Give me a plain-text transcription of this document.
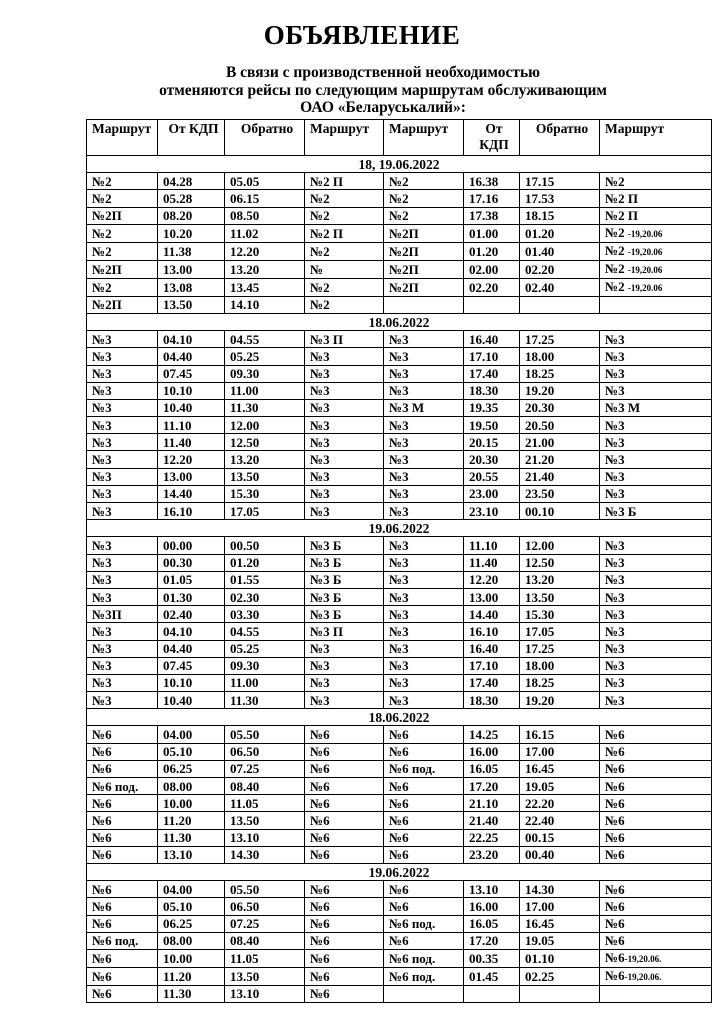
ОБЪЯВЛЕНИЕ
В связи с производственной необходимостью
отменяются рейсы по следующим маршрутам обслуживающим
ОАО «Беларуськалий»:
Маршрут	От КДП	Обратно	Маршрут	Маршрут	От КДП	Обратно	Маршрут
18, 19.06.2022							
№2	04.28	05.05	№2 П	№2	16.38	17.15	№2
№2	05.28	06.15	№2	№2	17.16	17.53	№2 П
№2П	08.20	08.50	№2	№2	17.38	18.15	№2 П
№2	10.20	11.02	№2 П	№2П	01.00	01.20	№2 -19,20.06
№2	11.38	12.20	№2	№2П	01.20	01.40	№2 -19,20.06
№2П	13.00	13.20	№	№2П	02.00	02.20	№2 -19,20.06
№2	13.08	13.45	№2	№2П	02.20	02.40	№2 -19,20.06
№2П	13.50	14.10	№2				
18.06.2022							
№3	04.10	04.55	№3 П	№3	16.40	17.25	№3
№3	04.40	05.25	№3	№3	17.10	18.00	№3
№3	07.45	09.30	№3	№3	17.40	18.25	№3
№3	10.10	11.00	№3	№3	18.30	19.20	№3
№3	10.40	11.30	№3	№3 М	19.35	20.30	№3 М
№3	11.10	12.00	№3	№3	19.50	20.50	№3
№3	11.40	12.50	№3	№3	20.15	21.00	№3
№3	12.20	13.20	№3	№3	20.30	21.20	№3
№3	13.00	13.50	№3	№3	20.55	21.40	№3
№3	14.40	15.30	№3	№3	23.00	23.50	№3
№3	16.10	17.05	№3	№3	23.10	00.10	№3 Б
19.06.2022							
№3	00.00	00.50	№3 Б	№3	11.10	12.00	№3
№3	00.30	01.20	№3 Б	№3	11.40	12.50	№3
№3	01.05	01.55	№3 Б	№3	12.20	13.20	№3
№3	01.30	02.30	№3 Б	№3	13.00	13.50	№3
№3П	02.40	03.30	№3 Б	№3	14.40	15.30	№3
№3	04.10	04.55	№3 П	№3	16.10	17.05	№3
№3	04.40	05.25	№3	№3	16.40	17.25	№3
№3	07.45	09.30	№3	№3	17.10	18.00	№3
№3	10.10	11.00	№3	№3	17.40	18.25	№3
№3	10.40	11.30	№3	№3	18.30	19.20	№3
18.06.2022							
№6	04.00	05.50	№6	№6	14.25	16.15	№6
№6	05.10	06.50	№6	№6	16.00	17.00	№6
№6	06.25	07.25	№6	№6 под.	16.05	16.45	№6
№6 под.	08.00	08.40	№6	№6	17.20	19.05	№6
№6	10.00	11.05	№6	№6	21.10	22.20	№6
№6	11.20	13.50	№6	№6	21.40	22.40	№6
№6	11.30	13.10	№6	№6	22.25	00.15	№6
№6	13.10	14.30	№6	№6	23.20	00.40	№6
19.06.2022							
№6	04.00	05.50	№6	№6	13.10	14.30	№6
№6	05.10	06.50	№6	№6	16.00	17.00	№6
№6	06.25	07.25	№6	№6 под.	16.05	16.45	№6
№6 под.	08.00	08.40	№6	№6	17.20	19.05	№6
№6	10.00	11.05	№6	№6 под.	00.35	01.10	№6-19,20.06.
№6	11.20	13.50	№6	№6 под.	01.45	02.25	№6-19,20.06.
№6	11.30	13.10	№6				
